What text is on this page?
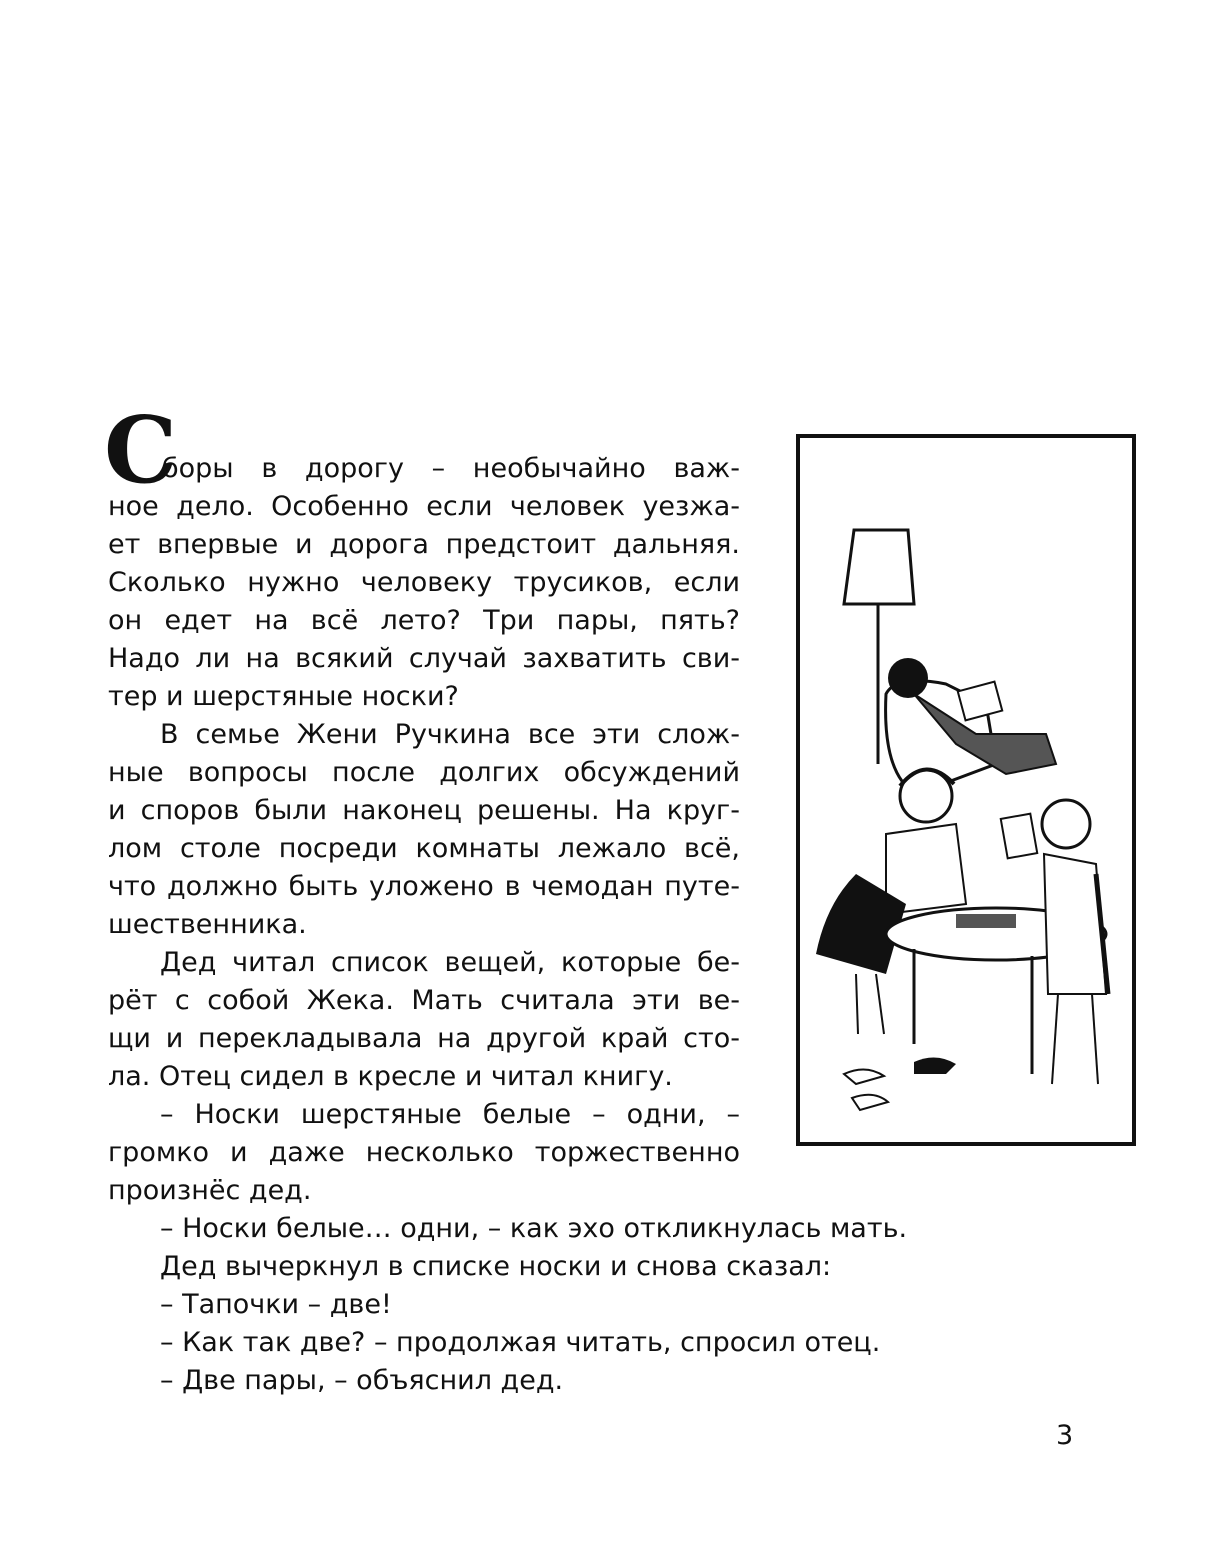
С
боры в дорогу – необычайно важ-
ное дело. Особенно если человек уезжа-
ет впервые и дорога предстоит дальняя.
Сколько нужно человеку трусиков, если
он едет на всё лето? Три пары, пять?
Надо ли на всякий случай захватить сви-
тер и шерстяные носки?
В семье Жени Ручкина все эти слож-
ные вопросы после долгих обсуждений
и споров были наконец решены. На круг-
лом столе посреди комнаты лежало всё,
что должно быть уложено в чемодан путе-
шественника.
Дед читал список вещей, которые бе-
рёт с собой Жека. Мать считала эти ве-
щи и перекладывала на другой край сто-
ла. Отец сидел в кресле и читал книгу.
– Носки шерстяные белые – одни, –
громко и даже несколько торжественно
произнёс дед.
– Носки белые… одни, – как эхо откликнулась мать.
Дед вычеркнул в списке носки и снова сказал:
– Тапочки – две!
– Как так две? – продолжая читать, спросил отец.
– Две пары, – объяснил дед.
3
